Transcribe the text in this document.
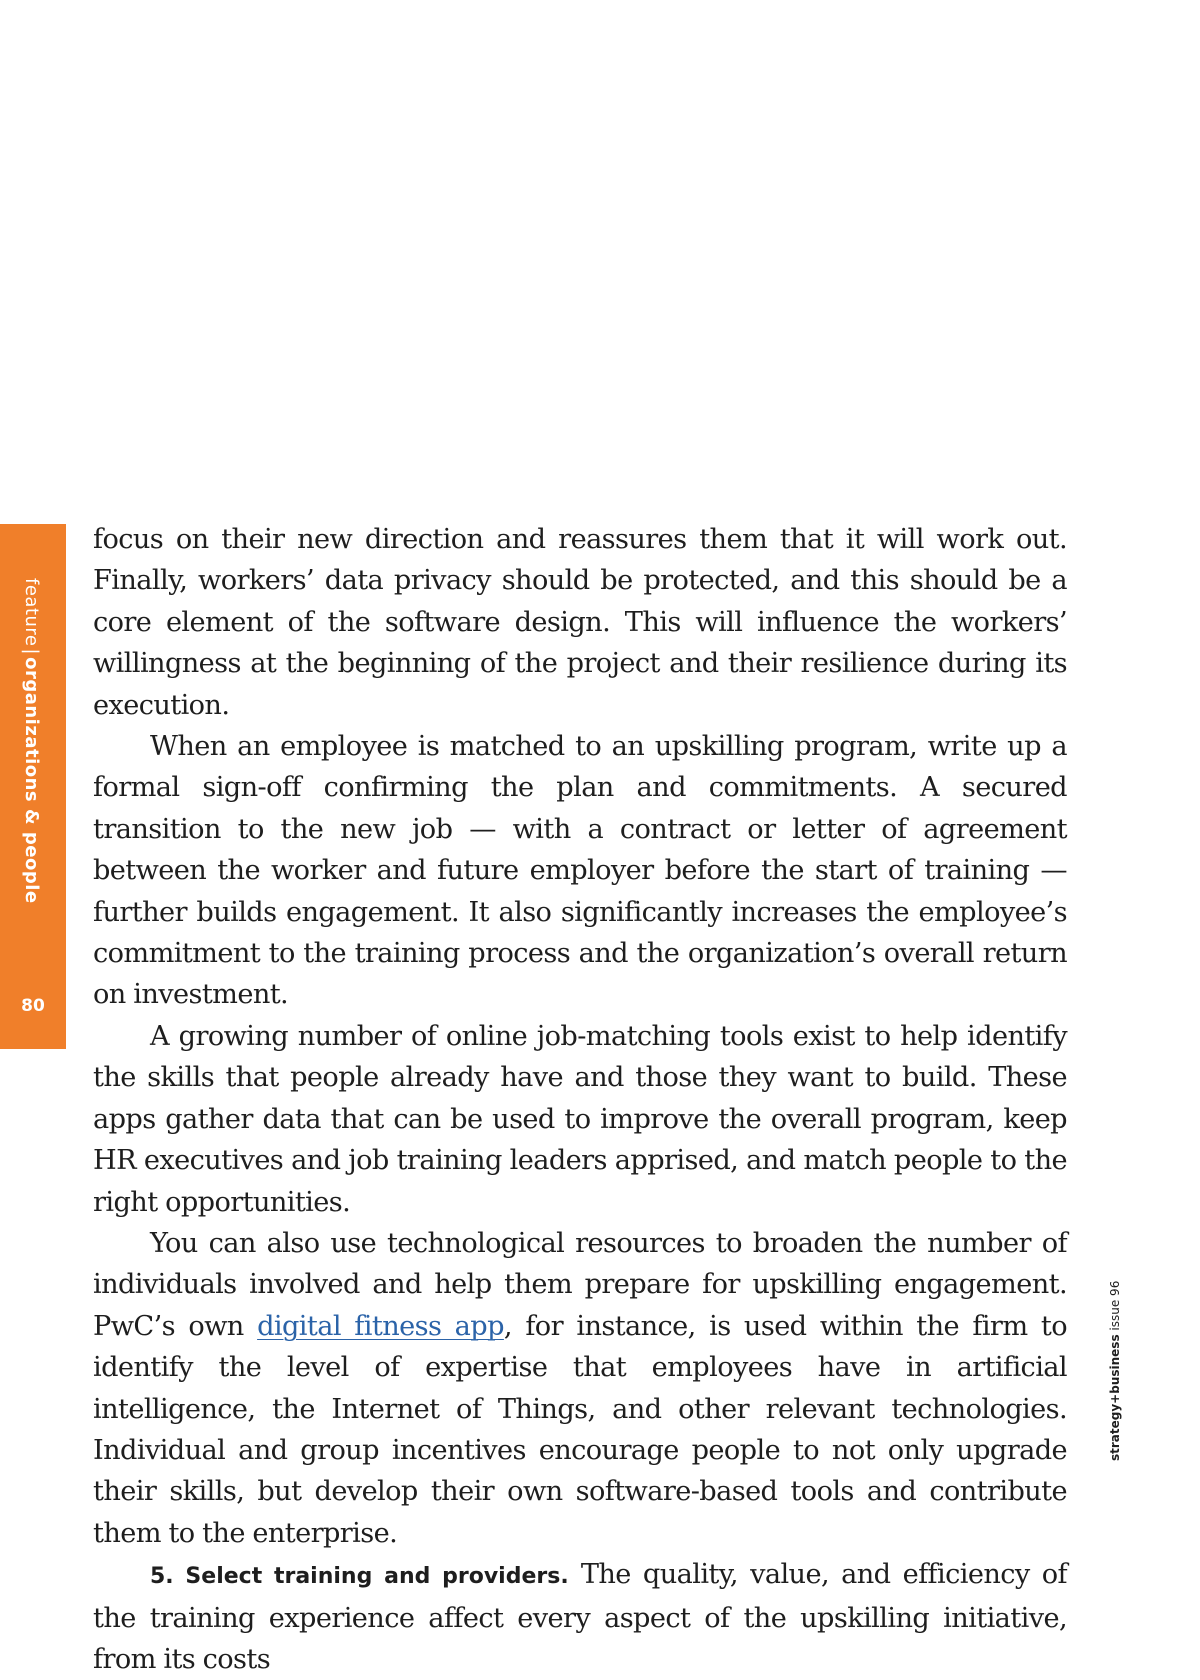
feature|organizations & people
80

focus on their new direction and reassures them that it will work out. Finally, workers’ data privacy should be protected, and this should be a core element of the software design. This will influence the workers’ willingness at the beginning of the project and their resilience during its execution.

When an employee is matched to an upskilling program, write up a formal sign-off confirming the plan and commitments. A secured transition to the new job — with a contract or letter of agreement between the worker and future employer before the start of training — further builds engagement. It also significantly increases the employee’s commitment to the training process and the organization’s overall return on investment.

A growing number of online job-matching tools exist to help identify the skills that people already have and those they want to build. These apps gather data that can be used to improve the overall program, keep HR executives and job training leaders apprised, and match people to the right opportunities.

You can also use technological resources to broaden the number of individuals involved and help them prepare for upskilling engagement. PwC’s own digital fitness app, for instance, is used within the firm to identify the level of expertise that employees have in artificial intelligence, the Internet of Things, and other relevant technologies. Individual and group incentives encourage people to not only upgrade their skills, but develop their own software-based tools and contribute them to the enterprise.

5. Select training and providers. The quality, value, and efficiency of the training experience affect every aspect of the upskilling initiative, from its costs

strategy+business issue 96
